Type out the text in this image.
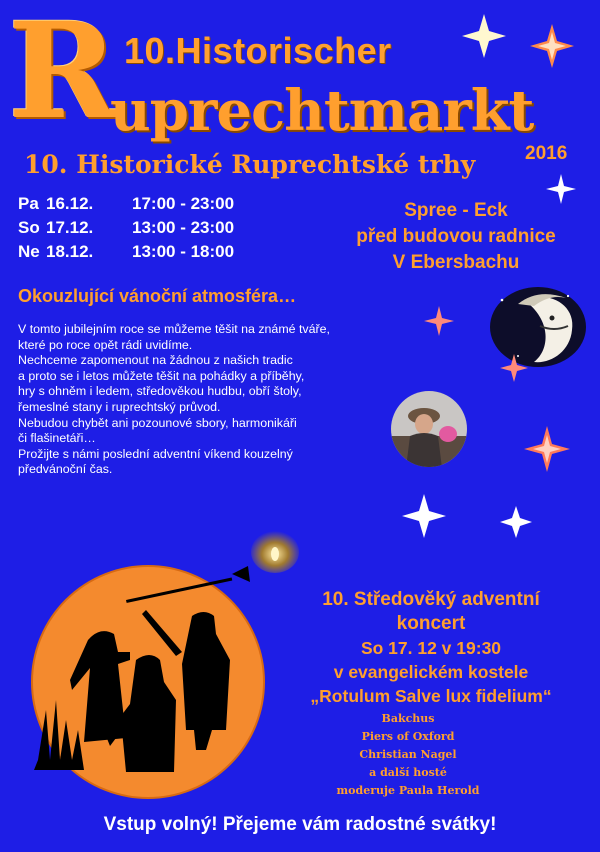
R 10.Historischer
uprechtmarkt
2016
10. Historické Ruprechtské trhy
Pa 16.12. 17:00 - 23:00
So 17.12. 13:00 - 23:00
Ne 18.12. 13:00 - 18:00
Spree - Eck
před budovou radnice
V Ebersbachu
Okouzlující vánoční atmosféra…
V tomto jubilejním roce se můžeme těšit na známé tváře,
které po roce opět rádi uvidíme.
Nechceme zapomenout na žádnou z našich tradic
a proto se i letos můžete těšit na pohádky a příběhy,
hry s ohněm i ledem, středověkou hudbu, obří štoly,
řemeslné stany i ruprechtský průvod.
Nebudou chybět ani pozounové sbory, harmonikáři
či flašinetáři…
Prožijte s námi poslední adventní víkend kouzelný
předvánoční čas.
10. Středověký adventní
koncert
So 17. 12 v 19:30
v evangelickém kostele
„Rotulum Salve lux fidelium“
Bakchus
Piers of Oxford
Christian Nagel
a další hosté
moderuje Paula Herold
Vstup volný! Přejeme vám radostné svátky!
